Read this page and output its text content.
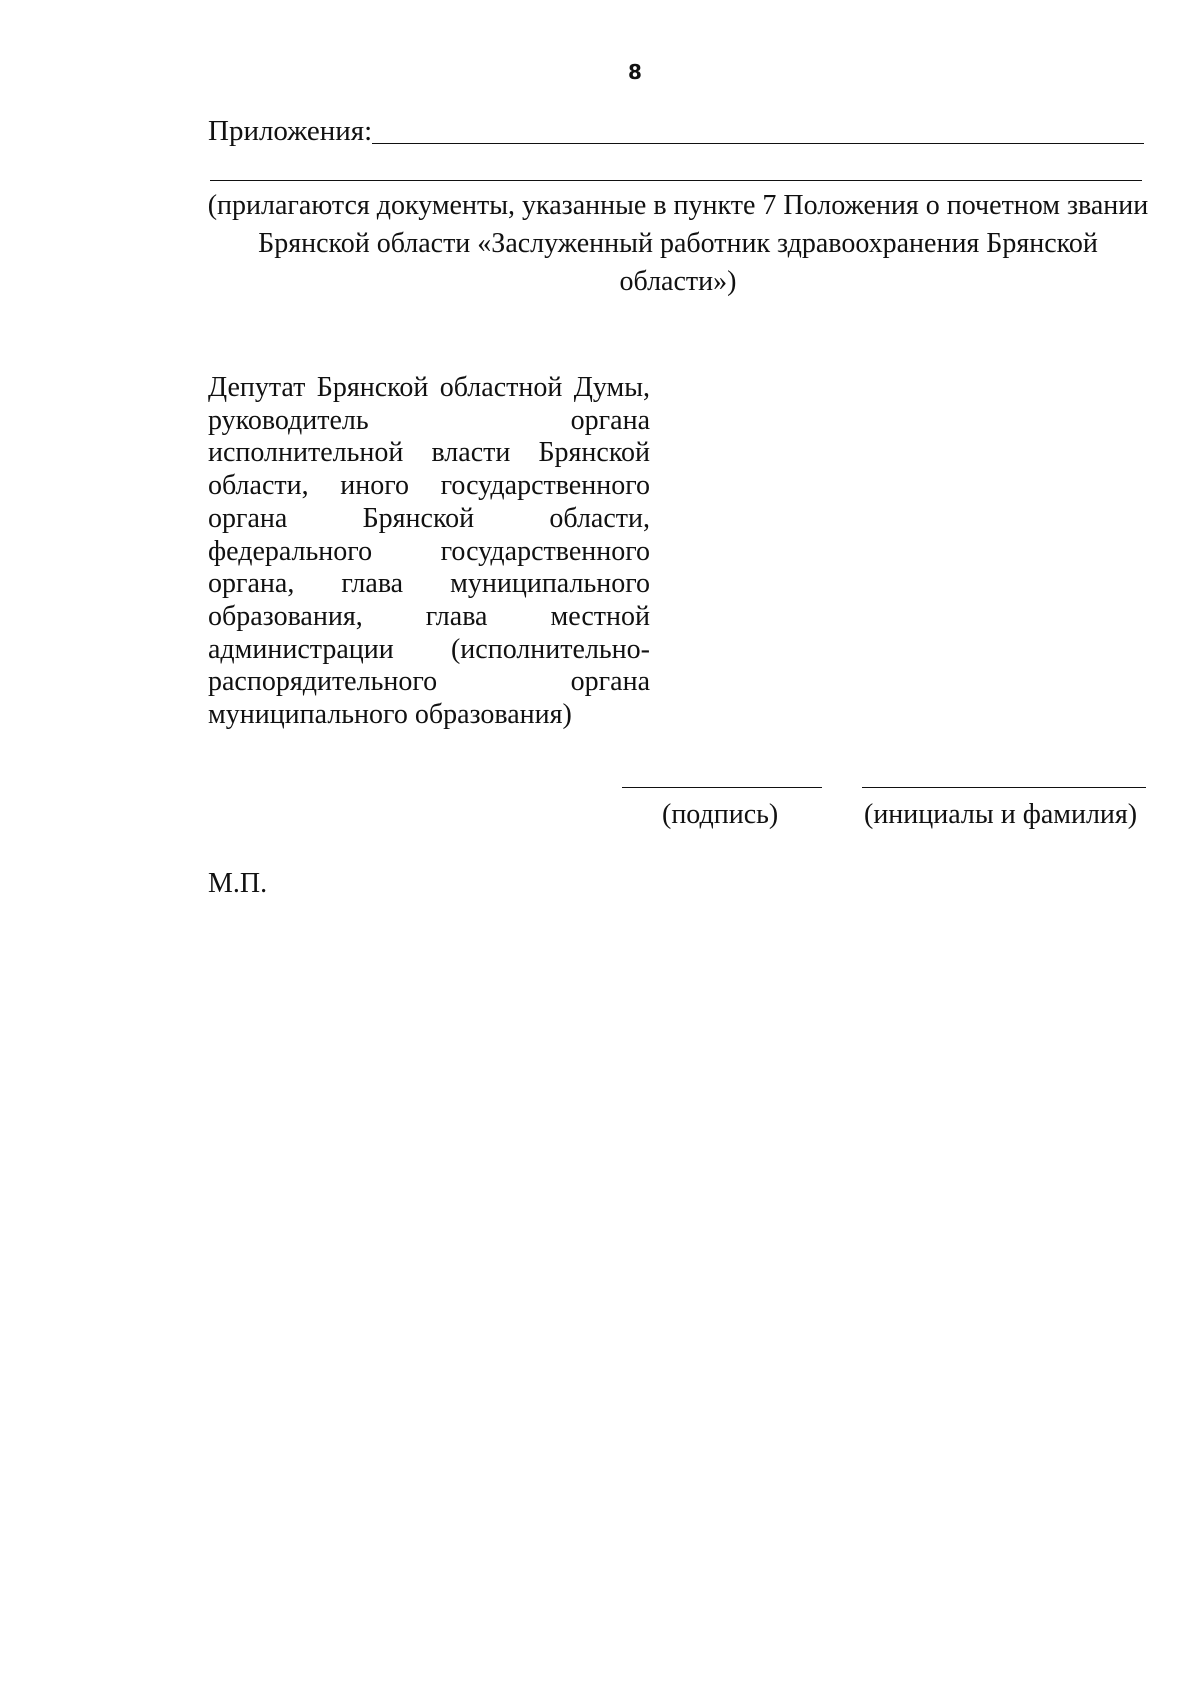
8
Приложения:
(прилагаются документы, указанные в пункте 7 Положения о почетном звании Брянской области «Заслуженный работник здравоохранения Брянской области»)
Депутат Брянской областной Думы, руководитель органа исполнительной власти Брянской области, иного государственного органа Брянской области, федерального государственного органа, глава муниципального образования, глава местной администрации (исполнительно-распорядительного органа муниципального образования)
(подпись)	(инициалы и фамилия)
М.П.
